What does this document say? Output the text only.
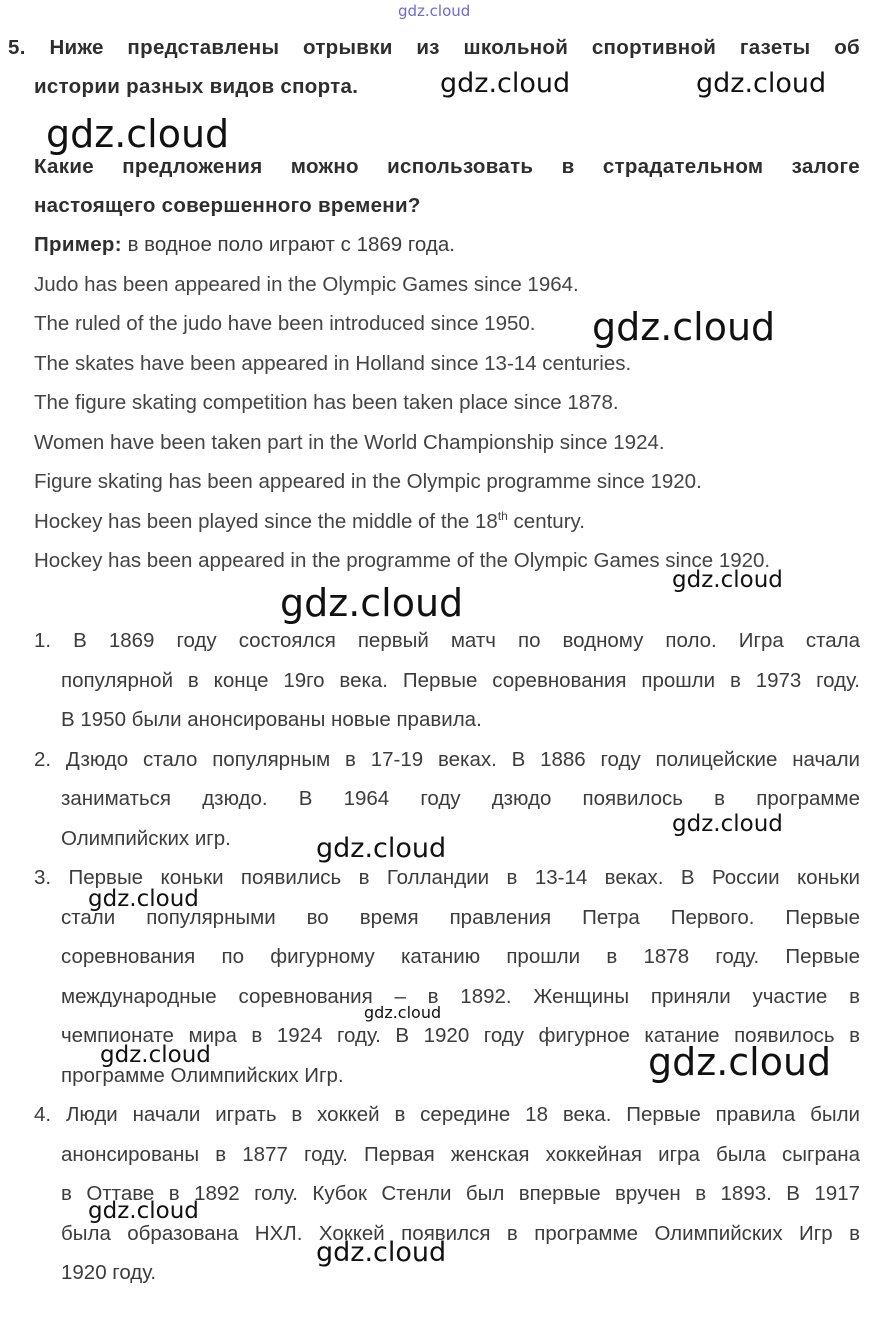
gdz.cloud
gdz.cloud	gdz.cloud
gdz.cloud
gdz.cloud
gdz.cloud
gdz.cloud
gdz.cloud
gdz.cloud
gdz.cloud
gdz.cloud
gdz.cloud	gdz.cloud
gdz.cloud
gdz.cloud
5. Ниже представлены отрывки из школьной спортивной газеты об
истории разных видов спорта.
Какие предложения можно использовать в страдательном залоге
настоящего совершенного времени?
Пример: в водное поло играют с 1869 года.
Judo has been appeared in the Olympic Games since 1964.
The ruled of the judo have been introduced since 1950.
The skates have been appeared in Holland since 13-14 centuries.
The figure skating competition has been taken place since 1878.
Women have been taken part in the World Championship since 1924.
Figure skating has been appeared in the Olympic programme since 1920.
Hockey has been played since the middle of the 18th century.
Hockey has been appeared in the programme of the Olympic Games since 1920.
1. В 1869 году состоялся первый матч по водному поло. Игра стала
популярной в конце 19го века. Первые соревнования прошли в 1973 году.
В 1950 были анонсированы новые правила.
2. Дзюдо стало популярным в 17-19 веках. В 1886 году полицейские начали
заниматься дзюдо. В 1964 году дзюдо появилось в программе
Олимпийских игр.
3. Первые коньки появились в Голландии в 13-14 веках. В России коньки
стали популярными во время правления Петра Первого. Первые
соревнования по фигурному катанию прошли в 1878 году. Первые
международные соревнования – в 1892. Женщины приняли участие в
чемпионате мира в 1924 году. В 1920 году фигурное катание появилось в
программе Олимпийских Игр.
4. Люди начали играть в хоккей в середине 18 века. Первые правила были
анонсированы в 1877 году. Первая женская хоккейная игра была сыграна
в Оттаве в 1892 голу. Кубок Стенли был впервые вручен в 1893. В 1917
была образована НХЛ. Хоккей появился в программе Олимпийских Игр в
1920 году.
